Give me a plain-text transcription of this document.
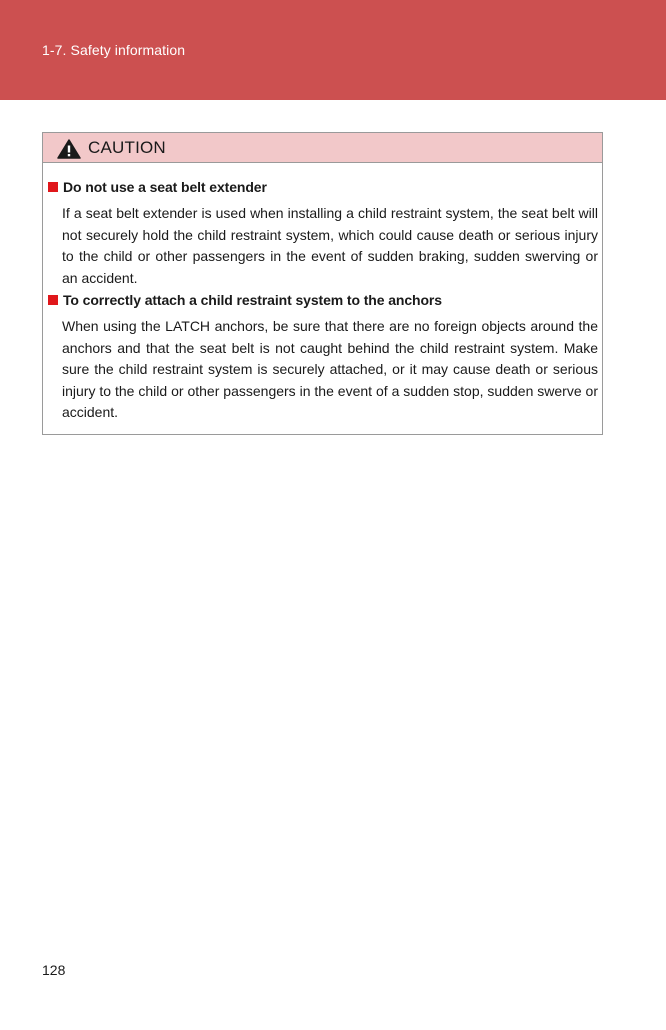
1-7. Safety information
CAUTION
Do not use a seat belt extender
If a seat belt extender is used when installing a child restraint system, the seat belt will not securely hold the child restraint system, which could cause death or serious injury to the child or other passengers in the event of sudden braking, sudden swerving or an accident.
To correctly attach a child restraint system to the anchors
When using the LATCH anchors, be sure that there are no foreign objects around the anchors and that the seat belt is not caught behind the child restraint system. Make sure the child restraint system is securely attached, or it may cause death or serious injury to the child or other passengers in the event of a sudden stop, sudden swerve or accident.
128
